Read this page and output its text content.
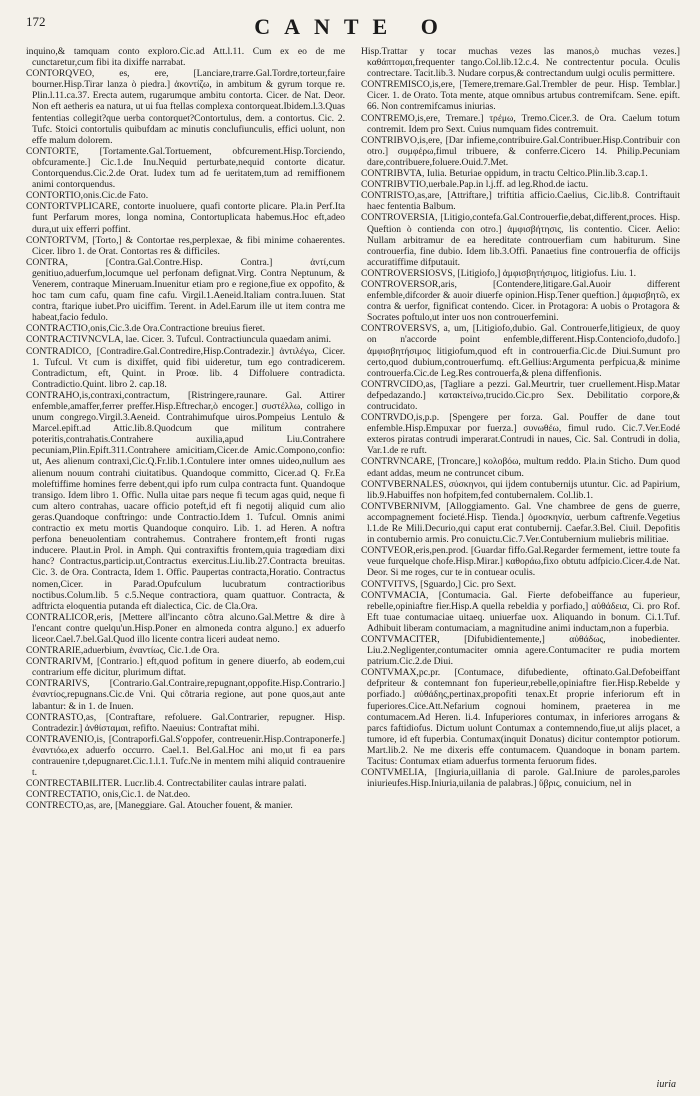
172	CANTE O
inquino,& tamquam conto exploro.Cic.ad Att.l.11. Cum ex eo de me cunctaretur,cum fibi ita dixiffe narrabat.
CONTORQVEO, es, ere, [Lanciare,trarre.Gal.Tordre,torteur,faire bourner.Hisp.Tirar lanza ò piedra.] ἀκοντίζω, in ambitum & gyrum torque re. Plin.l.11.ca.37. Erecta autem, rugarumque ambitu contorta. Cicer. de Nat. Deor. Non eft aetheris ea natura, ut ui fua ftellas complexa contorqueat.Ibidem.l.3.Quas fententias collegit?que uerba contorquet?Contortulus, dem. a contortus. Cic. 2. Tufc. Stoici contortulis quibufdam ac minutis conclufiunculis, effici uolunt, non effe malum dolorem.
CONTORTE, [Tortamente.Gal.Tortuement, obfcurement.Hisp.Torciendo, obfcuramente.] Cic.1.de Inu.Nequid perturbate,nequid contorte dicatur. Contorquendus.Cic.2.de Orat. Iudex tum ad fe ueritatem,tum ad remiffionem animi contorquendus.
CONTORTIO,onis.Cic.de Fato.
CONTORTVPLICARE, contorte inuoluere, quafi contorte plicare. Pla.in Perf.Ita funt Perfarum mores, longa nomina, Contortuplicata habemus.Hoc eft,adeo dura,ut uix efferri poffint.
CONTORTVM, [Torto,] & Contortae res,perplexae, & fibi minime cohaerentes. Cicer. libro 1. de Orat. Contortas res & difficiles.
CONTRA, [Contra.Gal.Contre.Hisp. Contra.] ἀντί,cum genitiuo,aduerfum,locumque uel perfonam defignat.Virg. Contra Neptunum, & Venerem, contraque Mineruam.Inuenitur etiam pro e regione,fiue ex oppofito, & hoc tam cum cafu, quam fine cafu. Virgil.1.Aeneid.Italiam contra.Iuuen. Stat contra, ftarique iubet.Pro uiciffim. Terent. in Adel.Earum ille ut item contra me habeat,facio fedulo.
CONTRACTIO,onis,Cic.3.de Ora.Contractione breuius fieret.
CONTRACTIVNCVLA, lae. Cicer. 3. Tufcul. Contractiuncula quaedam animi.
CONTRADICO, [Contradire.Gal.Contredire,Hisp.Contradezir.] ἀντιλέγω, Cicer. 1. Tufcul. Vt cum is dixiffet, quid fibi uideretur, tum ego contradicerem. Contradictum, eft, Quint. in Proœ. lib. 4 Diffoluere contradicta. Contradictio.Quint. libro 2. cap.18.
CONTRAHO,is,contraxi,contractum, [Ristringere,raunare. Gal. Attirer enfemble,amaffer,ferrer preffer.Hisp.Eftrechar,ò encoger.] συστέλλω, colligo in unum congrego.Virgil.3.Aeneid. Contrahimufque uiros.Pompeius Lentulo & Marcel.epift.ad Attic.lib.8.Quodcum que militum contrahere poteritis,contrahatis.Contrahere auxilia,apud Liu.Contrahere pecuniam,Plin.Epift.311.Contrahere amicitiam,Cicer.de Amic.Compono,confio: ut, Aes alienum contraxi,Cic.Q.Fr.lib.1.Contulere inter omnes uideo,nullum aes alienum nouum contrahi ciuitatibus. Quandoque committo, Cicer.ad Q. Fr.Ea moleftiffime homines ferre debent,qui ipfo rum culpa contracta funt. Quandoque transigo. Idem libro 1. Offic. Nulla uitae pars neque fi tecum agas quid, neque fi cum altero contrahas, uacare officio poteft,id eft fi negotij aliquid cum alio geras.Quandoque conftringo: unde Contractio.Idem 1. Tufcul. Omnis animi contractio ex metu mortis Quandoque conquiro. Lib. 1. ad Heren. A noftra perfona beneuolentiam contrahemus. Contrahere frontem,eft fronti rugas inducere. Plaut.in Prol. in Amph. Qui contraxiftis frontem,quia tragœdiam dixi hanc? Contractus,particip.ut,Contractus exercitus.Liu.lib.27.Contracta breuitas. Cic. 3. de Ora. Contracta, Idem 1. Offic. Paupertas contracta,Horatio. Contractus nomen,Cicer. in Parad.Opufculum lucubratum contractioribus noctibus.Colum.lib. 5 c.5.Neque contractiora, quam quattuor. Contracta, & adftricta eloquentia putanda eft dialectica, Cic. de Cla.Ora.
CONTRALICOR,eris, [Mettere all'incanto côtra alcuno.Gal.Mettre & dire à l'encant contre quelqu'un.Hisp.Poner en almoneda contra alguno.] ex aduerfo liceor.Cael.7.bel.Gal.Quod illo licente contra liceri audeat nemo.
CONTRARIE,aduerbium, ἐναντίως, Cic.1.de Ora.
CONTRARIVM, [Contrario.] eft,quod pofitum in genere diuerfo, ab eodem,cui contrarium effe dicitur, plurimum diftat.
CONTRARIVS, [Contrario.Gal.Contraire,repugnant,oppofite.Hisp.Contrario.] ἐναντίος,repugnans.Cic.de Vni. Qui côtraria regione, aut pone quos,aut ante labantur: & in 1. de Inuen.
CONTRASTO,as, [Contraftare, refoluere. Gal.Contrarier, repugner. Hisp. Contradezir.] ἀνθίσταμαι, refifto. Naeuius: Contraftat mihi.
CONTRAVENIO,is, [Contraporfi.Gal.S'oppofer, contreuenir.Hisp.Contraponerfe.] ἐναντιόω,ex aduerfo occurro. Cael.1. Bel.Gal.Hoc ani mo,ut fi ea pars contrauenire t,depugnaret.Cic.1.l.1. Tufc.Ne in mentem mihi aliquid contrauenire t.
CONTRECTABILITER. Lucr.lib.4. Contrectabiliter caulas intrare palati.
CONTRECTATIO, onis,Cic.1. de Nat.deo.
CONTRECTO,as, are, [Maneggiare. Gal. Atoucher fouent, & manier.
Hisp.Trattar y tocar muchas vezes las manos,ò muchas vezes.] καθάπτομαι,frequenter tango.Col.lib.12.c.4. Ne contrectentur pocula. Oculis contrectare. Tacit.lib.3. Nudare corpus,& contrectandum uulgi oculis permittere.
CONTREMISCO,is,ere, [Temere,tremare.Gal.Trembler de peur. Hisp. Temblar.] Cicer. 1. de Orato. Tota mente, atque omnibus artubus contremifcam. Sene. epift. 66. Non contremifcamus iniurias.
CONTREMO,is,ere, Tremare.] τρέμω, Tremo.Cicer.3. de Ora. Caelum totum contremit. Idem pro Sext. Cuius numquam fides contremuit.
CONTRIBVO,is,ere, [Dar infieme,contribuire.Gal.Contribuer.Hisp.Contribuir con otro.] συμφέρω,fimul tribuere, & conferre.Cicero 14. Philip.Pecuniam dare,contribuere,foluere.Ouid.7.Met.
CONTRIBVTA, Iulia. Beturiae oppidum, in tractu Celtico.Plin.lib.3.cap.1.
CONTRIBVTIO,uerbale.Pap.in l.j.ff. ad leg.Rhod.de iactu.
CONTRISTO,as,are, [Attriftare,] triftitia afficio.Caelius, Cic.lib.8. Contriftauit haec fententia Balbum.
CONTROVERSIA, [Litigio,contefa.Gal.Controuerfie,debat,different,proces. Hisp. Queftion ò contienda con otro.] ἀμφισβήτησις, lis contentio. Cicer. Aelio: Nullam arbitramur de ea hereditate controuerfiam cum habiturum. Sine controuerfia, fine dubio. Idem lib.3.Offi. Panaetius fine controuerfia de officijs accuratiffime difputauit.
CONTROVERSIOSVS, [Litigiofo,] ἀμφισβητήσιμος, litigiofus. Liu. 1.
CONTROVERSOR,aris, [Contendere,litigare.Gal.Auoir different enfemble,difcorder & auoir diuerfe opinion.Hisp.Tener queftion.] ἀμφισβητῶ, ex contra & uerfor, fignificat contendo. Cicer. in Protagora: A uobis o Protagora & Socrates poftulo,ut inter uos non controuerfemini.
CONTROVERSVS, a, um, [Litigiofo,dubio. Gal. Controuerfe,litigieux, de quoy on n'accorde point enfemble,different.Hisp.Contenciofo,dudofo.] ἀμφισβητήσιμος litigiofum,quod eft in controuerfia.Cic.de Diui.Sumunt pro certo,quod dubium,controuerfumq. eft.Gellius:Argumenta perfpicua,& minime controuerfa.Cic.de Leg.Res controuerfa,& plena diffenfionis.
CONTRVCIDO,as, [Tagliare a pezzi. Gal.Meurtrir, tuer cruellement.Hisp.Matar defpedazando.] κατακτείνω,trucido.Cic.pro Sex. Debilitatio corpore,& contrucidato.
CONTRVDO,is,p.p. [Spengere per forza. Gal. Pouffer de dane tout enfemble.Hisp.Empuxar por fuerza.] συνωθέω, fimul rudo. Cic.7.Ver.Eodé exteros piratas contrudi imperarat.Contrudi in naues, Cic. Sal. Contrudi in dolia, Var.1.de re ruft.
CONTRVNCARE, [Troncare,] κολοβόω, multum reddo. Pla.in Sticho. Dum quod edant addas, meum ne contruncet cibum.
CONTVBERNALES, σύσκηνοι, qui ijdem contubernijs utuntur. Cic. ad Papirium, lib.9.Habuiffes non hofpitem,fed contubernalem. Col.lib.1.
CONTVBERNIVM, [Alloggiamento. Gal. Vne chambree de gens de guerre, accompagnement focieté.Hisp. Tienda.] ὁμοσκηνία, uerbum caftrenfe.Vegetius l.1.de Re Mili.Decurio,qui caput erat contubernij. Caefar.3.Bel. Ciuil. Depofitis in contubernio armis. Pro conuictu.Cic.7.Ver.Contubernium muliebris militiae.
CONTVEOR,eris,pen.prod. [Guardar fiffo.Gal.Regarder fermement, iettre toute fa veue furquelque chofe.Hisp.Mirar.] καθοράω,fixo obtutu adfpicio.Cicer.4.de Nat. Deor. Si me roges, cur te in contuear oculis.
CONTVITVS, [Sguardo,] Cic. pro Sext.
CONTVMACIA, [Contumacia. Gal. Fierte defobeiffance au fuperieur, rebelle,opiniaftre fier.Hisp.A quella rebeldia y porfiado,] αὐθάδεια, Ci. pro Rof. Eft tuae contumaciae uitaeq. uniuerfae uox. Aliquando in bonum. Ci.1.Tuf. Adhibuit liberam contumaciam, a magnitudine animi inductam,non a fuperbia.
CONTVMACITER, [Difubidientemente,] αὐθάδως, inobedienter. Liu.2.Negligenter,contumaciter omnia agere.Contumaciter re pudia mortem patrium.Cic.2.de Diui.
CONTVMAX,pc.pr. [Contumace, difubediente, oftinato.Gal.Defobeiffant defpriteur & contemnant fon fuperieur,rebelle,opiniaftre fier.Hisp.Rebelde y porfiado.] αὐθάδης,pertinax,propofiti tenax.Et proprie inferiorum eft in fuperiores.Cice.Att.Nefarium cognoui hominem, praeterea in me contumacem.Ad Heren. li.4. Infuperiores contumax, in inferiores arrogans & parcs faftidiofus. Dictum uolunt Contumax a contemnendo,fiue,ut alijs placet, a tumore, id eft fuperbia. Contumax(inquit Donatus) dicitur contemptor potiorum. Mart.lib.2. Ne me dixeris effe contumacem. Quandoque in bonam partem. Tacitus: Contumax etiam aduerfus tormenta feruorum fides.
CONTVMELIA, [Ingiuria,uillania di parole. Gal.Iniure de paroles,paroles iniurieufes.Hisp.Iniuria,uilania de palabras.] ὕβρις, conuicium, nel in
iuria
